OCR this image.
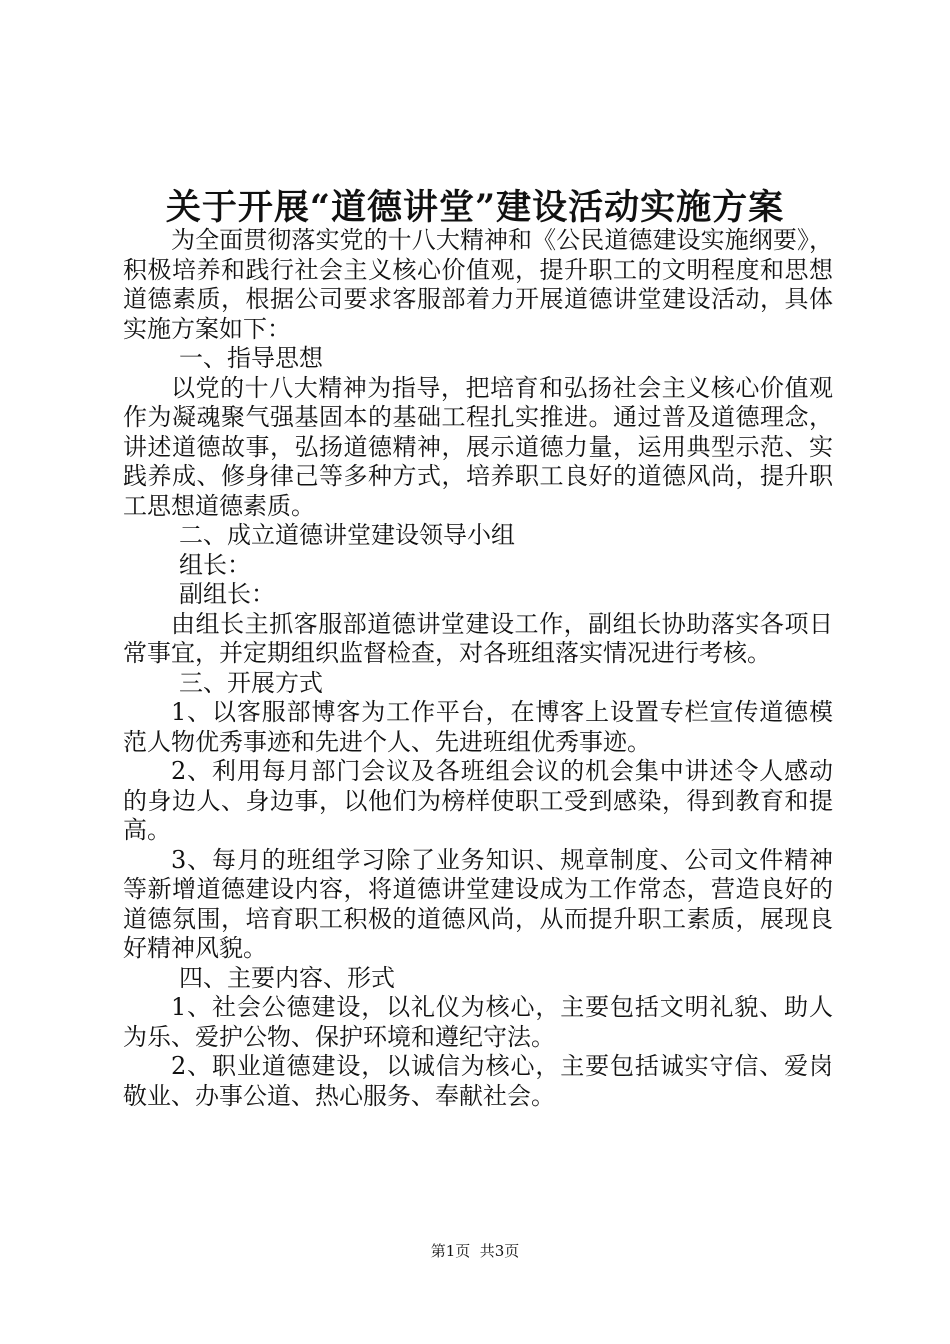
关于开展“道德讲堂”建设活动实施方案

为全面贯彻落实党的十八大精神和《公民道德建设实施纲要》，积极培养和践行社会主义核心价值观，提升职工的文明程度和思想道德素质，根据公司要求客服部着力开展道德讲堂建设活动，具体实施方案如下：

一、指导思想

以党的十八大精神为指导，把培育和弘扬社会主义核心价值观作为凝魂聚气强基固本的基础工程扎实推进。通过普及道德理念，讲述道德故事，弘扬道德精神，展示道德力量，运用典型示范、实践养成、修身律己等多种方式，培养职工良好的道德风尚，提升职工思想道德素质。

二、成立道德讲堂建设领导小组

组长：

副组长：

由组长主抓客服部道德讲堂建设工作，副组长协助落实各项日常事宜，并定期组织监督检查，对各班组落实情况进行考核。

三、开展方式

1、以客服部博客为工作平台，在博客上设置专栏宣传道德模范人物优秀事迹和先进个人、先进班组优秀事迹。

2、利用每月部门会议及各班组会议的机会集中讲述令人感动的身边人、身边事，以他们为榜样使职工受到感染，得到教育和提高。

3、每月的班组学习除了业务知识、规章制度、公司文件精神等新增道德建设内容，将道德讲堂建设成为工作常态，营造良好的道德氛围，培育职工积极的道德风尚，从而提升职工素质，展现良好精神风貌。

四、主要内容、形式

1、社会公德建设，以礼仪为核心，主要包括文明礼貌、助人为乐、爱护公物、保护环境和遵纪守法。

2、职业道德建设，以诚信为核心，主要包括诚实守信、爱岗敬业、办事公道、热心服务、奉献社会。

第1页  共3页
